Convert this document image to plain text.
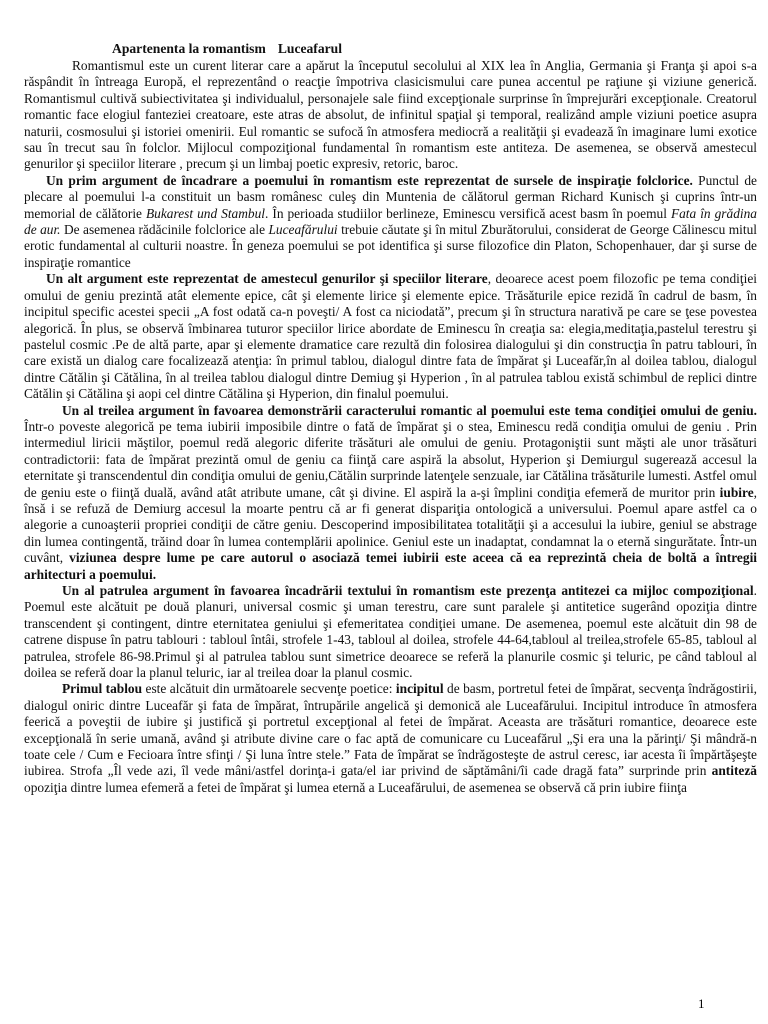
Apartenenta la romantism Luceafarul

Romantismul este un curent literar care a apărut la începutul secolului al XIX lea în Anglia, Germania şi Franţa şi apoi s-a răspândit în întreaga Europă, el reprezentând o reacţie împotriva clasicismului care punea accentul pe raţiune şi viziune generică. Romantismul cultivă subiectivitatea şi individualul, personajele sale fiind excepţionale surprinse în împrejurări excepţionale. Creatorul romantic face elogiul fanteziei creatoare, este atras de absolut, de infinitul spaţial şi temporal, realizând ample viziuni poetice asupra naturii, cosmosului şi istoriei omenirii. Eul romantic se sufocă în atmosfera mediocră a realităţii şi evadează în imaginare lumi exotice sau în trecut sau în folclor. Mijlocul compoziţional fundamental în romantism este antiteza. De asemenea, se observă amestecul genurilor şi speciilor literare , precum şi un limbaj poetic expresiv, retoric, baroc.

Un prim argument de încadrare a poemului în romantism este reprezentat de sursele de inspiraţie folclorice. Punctul de plecare al poemului l-a constituit un basm românesc culeş din Muntenia de călătorul german Richard Kunisch şi cuprins într-un memorial de călătorie Bukarest und Stambul. În perioada studiilor berlineze, Eminescu versifică acest basm în poemul Fata în grădina de aur. De asemenea rădăcinile folclorice ale Luceafărului trebuie căutate şi în mitul Zburătorului, considerat de George Călinescu mitul erotic fundamental al culturii noastre. În geneza poemului se pot identifica şi surse filozofice din Platon, Schopenhauer, dar şi surse de inspiraţie romantice

Un alt argument este reprezentat de amestecul genurilor şi speciilor literare, deoarece acest poem filozofic pe tema condiţiei omului de geniu prezintă atât elemente epice, cât şi elemente lirice şi elemente epice. Trăsăturile epice rezidă în cadrul de basm, în incipitul specific acestei specii „A fost odată ca-n poveşti/ A fost ca niciodată”, precum şi în structura narativă pe care se ţese povestea alegorică. În plus, se observă îmbinarea tuturor speciilor lirice abordate de Eminescu în creaţia sa: elegia,meditaţia,pastelul terestru şi pastelul cosmic .Pe de altă parte, apar şi elemente dramatice care rezultă din folosirea dialogului şi din construcţia în patru tablouri, în care există un dialog care focalizează atenţia: în primul tablou, dialogul dintre fata de împărat şi Luceafăr,în al doilea tablou, dialogul dintre Cătălin şi Cătălina, în al treilea tablou dialogul dintre Demiug şi Hyperion , în al patrulea tablou există schimbul de replici dintre Cătălin şi Cătălina şi aopi cel dintre Cătălina şi Hyperion, din finalul poemului.

Un al treilea argument în favoarea demonstrării caracterului romantic al poemului este tema condiţiei omului de geniu. Într-o poveste alegorică pe tema iubirii imposibile dintre o fată de împărat şi o stea, Eminescu redă condiţia omului de geniu . Prin intermediul liricii măştilor, poemul redă alegoric diferite trăsături ale omului de geniu. Protagoniştii sunt măşti ale unor trăsături contradictorii: fata de împărat prezintă omul de geniu ca fiinţă care aspiră la absolut, Hyperion şi Demiurgul sugerează accesul la eternitate şi transcendentul din condiţia omului de geniu,Cătălin surprinde latenţele senzuale, iar Cătălina trăsăturile lumesti. Astfel omul de geniu este o fiinţă duală, având atât atribute umane, cât şi divine. El aspiră la a-şi împlini condiţia efemeră de muritor prin iubire, însă i se refuză de Demiurg accesul la moarte pentru că ar fi generat dispariţia ontologică a universului. Poemul apare astfel ca o alegorie a cunoaşterii propriei condiţii de către geniu. Descoperind imposibilitatea totalităţii şi a accesului la iubire, geniul se abstrage din lumea contingentă, trăind doar în lumea contemplării apolinice. Geniul este un inadaptat, condamnat la o eternă singurătate. Într-un cuvânt, viziunea despre lume pe care autorul o asociază temei iubirii este aceea că ea reprezintă cheia de boltă a întregii arhitecturi a poemului.

Un al patrulea argument în favoarea încadrării textului în romantism este prezenţa antitezei ca mijloc compoziţional. Poemul este alcătuit pe două planuri, universal cosmic şi uman terestru, care sunt paralele şi antitetice sugerând opoziţia dintre transcendent şi contingent, dintre eternitatea geniului şi efemeritatea condiţiei umane. De asemenea, poemul este alcătuit din 98 de catrene dispuse în patru tablouri : tabloul întâi, strofele 1-43, tabloul al doilea, strofele 44-64,tabloul al treilea,strofele 65-85, tabloul al patrulea, strofele 86-98.Primul şi al patrulea tablou sunt simetrice deoarece se referă la planurile cosmic şi teluric, pe când tabloul al doilea se referă doar la planul teluric, iar al treilea doar la planul cosmic.

Primul tablou este alcătuit din următoarele secvenţe poetice: incipitul de basm, portretul fetei de împărat, secvenţa îndrăgostirii, dialogul oniric dintre Luceafăr şi fata de împărat, întrupările angelică şi demonică ale Luceafărului. Incipitul introduce în atmosfera feerică a poveştii de iubire şi justifică şi portretul excepţional al fetei de împărat. Aceasta are trăsături romantice, deoarece este excepţională în serie umană, având şi atribute divine care o fac aptă de comunicare cu Luceafărul „Şi era una la părinţi/ Şi mândră-n toate cele / Cum e Fecioara între sfinţi / Şi luna între stele.” Fata de împărat se îndrăgosteşte de astrul ceresc, iar acesta îi împărtăşeşte iubirea. Strofa „Îl vede azi, îl vede mâni/astfel dorinţa-i gata/el iar privind de săptămâni/îi cade dragă fata” surprinde prin antiteză opoziţia dintre lumea efemeră a fetei de împărat şi lumea eternă a Luceafărului, de asemenea se observă că prin iubire fiinţa

1
